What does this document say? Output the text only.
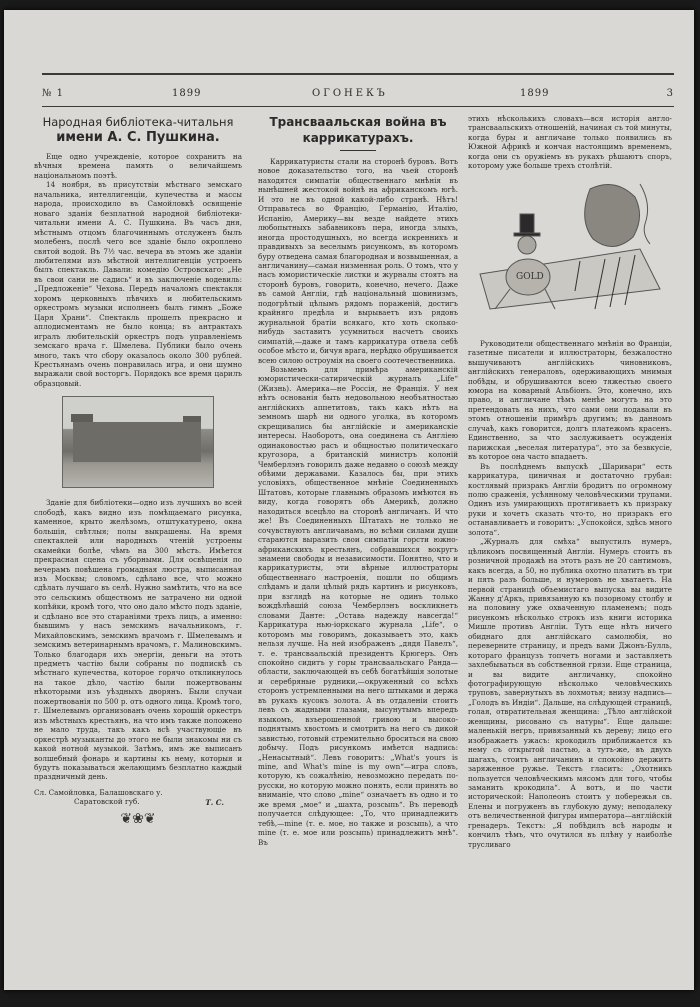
№ 1	1899	ОГОНЕКЪ	1899	3
Народная библіотека-читальня
имени А. С. Пушкина.

Еще одно учрежденіе, которое сохранитъ на вѣчныя времена память о величайшемъ національномъ поэтѣ.

14 ноября, въ присутствіи мѣстнаго земскаго начальника, интеллигенціи, купечества и массы народа, происходило въ Самойловкѣ освященіе новаго зданія безплатной народной библіотеки-читальни имени А. С. Пушкина. Въ часъ дня, мѣстнымъ отцомъ благочиннымъ отслуженъ былъ молебенъ, послѣ чего все зданіе было окроплено святой водой. Въ 7½ час. вечера въ этомъ же зданіи любителями изъ мѣстной интеллигенціи устроенъ былъ спектакль. Давали: комедію Островскаго: „Не въ свои сани не садись“ и въ заключеніе водевиль: „Предложеніе“ Чехова. Передъ началомъ спектакля хоромъ церковныхъ пѣвчихъ и любительскимъ оркестромъ музыки исполненъ былъ гимнъ „Боже Царя Храни“. Спектакль прошелъ прекрасно и аплодисментамъ не было конца; въ антрактахъ игралъ любительскій оркестръ подъ управленіемъ земскаго врача г. Шмелева. Публики было очень много, такъ что сбору оказалось около 300 рублей. Крестьянамъ очень понравилась игра, и они шумно выражали свой восторгъ. Порядокъ все время царилъ образцовый.

Зданіе для библіотеки—одно изъ лучшихъ во всей слободѣ, какъ видно изъ помѣщаемаго рисунка, каменное, крыто желѣзомъ, отштукатурено, окна большія, свѣтлыя; полы выкрашены. На время спектаклей или народныхъ чтеній устроены скамейки болѣе, чѣмъ на 300 мѣстъ. Имѣется прекрасная сцена съ уборными. Для освѣщенія по вечерамъ повѣшена громадная люстра, выписанная изъ Москвы; словомъ, сдѣлано все, что можно сдѣлать лучшаго въ селѣ. Нужно замѣтить, что на все это сельскимъ обществомъ не затрачено ни одной копѣйки, кромѣ того, что оно дало мѣсто подъ зданіе, и сдѣлано все это стараніями трехъ лицъ, а именно: бывшимъ у насъ земскимъ начальникомъ, г. Михайловскимъ, земскимъ врачомъ г. Шмелевымъ и земскимъ ветеринарнымъ врачомъ, г. Малиновскимъ. Только благодаря ихъ энергіи, деньги на этотъ предметъ частію были собраны по подпискѣ съ мѣстнаго купечества, которое горячо откликнулось на такое дѣло, частію были пожертвованы нѣкоторыми изъ уѣздныхъ дворянъ. Были случаи пожертвованія по 500 р. отъ одного лица. Кромѣ того, г. Шмелевымъ организованъ очень хорошій оркестръ изъ мѣстныхъ крестьянъ, на что имъ также положено не мало труда, такъ какъ всѣ участвующіе въ оркестрѣ музыканты до этого не были знакомы ни съ какой нотной музыкой. Затѣмъ, имъ же выписанъ волшебный фонарь и картины къ нему, которыя и будутъ показываться желающимъ безплатно каждый праздничный день.

Сл. Самойловка, Балашовскаго у.

Саратовской губ.	Т. С.
❦❀❦
Трансваальская война въ
каррикатурахъ.

Каррикатуристы стали на сторонѣ буровъ. Вотъ новое доказательство того, на чьей сторонѣ находятся симпатіи общественнаго мнѣнія въ нынѣшней жестокой войнѣ на африканскомъ югѣ. И это не въ одной какой-либо странѣ. Нѣтъ! Отправьтесь во Францію, Германію, Италію, Испанію, Америку—вы везде найдете этихъ любопытныхъ забавниковъ пера, иногда злыхъ, иногда простодушныхъ, но всегда искреннихъ и правдивыхъ за веселымъ рисункомъ, въ которомъ буру отведена самая благородная и возвышенная, а англичанину—самая низменная роль. О томъ, что у насъ юмористическіе листки и журналы стоятъ на сторонѣ буровъ, говорить, конечно, нечего. Даже въ самой Англіи, гдѣ національный шовинизмъ, подогрѣтый цѣлымъ рядомъ пораженій, достигъ крайняго предѣла и вырываетъ изъ рядовъ журнальной братіи всякаго, кто хоть сколько-нибудь заставитъ усумниться насчетъ своихъ симпатій,—даже и тамъ каррикатура отвела себѣ особое мѣсто и, бичуя врага, нерѣдко обрушивается всею силою остроумія на своего соотечественника.

Возьмемъ для примѣра американскій юмористически-сатирическій журналъ „Life“ (Жизнь). Америка—не Россія, не Франція. У нея нѣтъ основанія быть недовольною необъятностью англійскихъ аппетитовъ, такъ какъ нѣтъ на земномъ шарѣ ни одного уголка, въ которомъ скрещивались бы англійскіе и американскіе интересы. Наоборотъ, она соединена съ Англіею одинаковостью расъ и общностью политическаго кругозора, а британскій министръ колоній Чемберлэнъ говорилъ даже недавно о союзѣ между обѣими державами. Казалось бы, при этихъ условіяхъ, общественное мнѣніе Соединенныхъ Штатовъ, которые главнымъ образомъ имѣются въ виду, когда говорятъ объ Америкѣ, должно находиться всецѣло на сторонѣ англичанъ. И что же! Въ Соединенныхъ Штатахъ не только не сочувствуютъ англичанамъ, но всѣми силами души стараются выразить свои симпатіи горсти южно-африканскихъ крестьянъ, собравшихся вокругъ знамени свободы и независимости. Понятно, что и каррикатуристы, эти вѣрные иллюстраторы общественнаго настроенія, пошли по общимъ слѣдамъ и дали цѣлый рядъ картинъ и рисунковъ, при взглядѣ на которые не одинъ только вождѣлѣвшій союза Чемберлэнъ воскликнетъ словами Данте: „Оставь надежду навсегда!“ Каррикатура нью-іоркскаго журнала „Life“, о которомъ мы говоримъ, доказываетъ это, какъ нельзя лучше. На ней изображенъ „дядя Павелъ“, т. е. трансваальскій президентъ Крюгеръ. Онъ спокойно сидитъ у горы трансваальскаго Ранда—области, заключающей въ себѣ богатѣйшія золотые и серебряные рудники,—окруженный со всѣхъ сторонъ устремленными на него штыками и держа въ рукахъ кусокъ золота. А въ отдаленіи стоитъ левъ съ жадными глазами, высунутымъ впередъ языкомъ, взъерошенной гривою и высоко-поднятымъ хвостомъ и смотритъ на него съ дикой завистью, готовый стремительно броситься на свою добычу. Подъ рисункомъ имѣется надпись: „Ненасытный“. Левъ говоритъ: „What's yours is mine, and What's mine is my own“—игра словъ, которую, къ сожалѣнію, невозможно передать по-русски, но которую можно понять, если принять во вниманіе, что слово „mine“ означаетъ въ одно и то же время „мое“ и „шахта, розсыпь“. Въ переводѣ получается слѣдующее: „То, что принадлежитъ тебѣ,—mine (т. е. мое, но также и розсыпь), а что mine (т. е. мое или розсыпь) принадлежитъ мнѣ“. Въ

этихъ нѣсколькихъ словахъ—вся исторія англо-трансваальскихъ отношеній, начиная съ той минуты, когда буры и англичане только появились въ Южной Африкѣ и кончая настоящимъ временемъ, когда они съ оружіемъ въ рукахъ рѣшаютъ споръ, которому уже больше трехъ столѣтій.

GOLD

Руководители общественнаго мнѣнія во Франціи, газетные писатели и иллюстраторы, безжалостно вышучиваютъ англійскихъ чиновниковъ, англійскихъ генераловъ, одерживающихъ мнимыя побѣды, и обрушиваются всею тяжестью своего юмора на коварный Альбіонъ. Это, конечно, ихъ право, и англичане тѣмъ менѣе могутъ на это претендовать на нихъ, что сами они подавали въ этомъ отношеніи примѣръ другимъ; въ данномъ случаѣ, какъ говорится, долгъ платежомъ красенъ. Единственно, за что заслуживаетъ осужденія парижская „веселая литература“, это за безвкусіе, въ которое она часто впадаетъ.

Въ послѣднемъ выпускѣ „Шаривари“ есть каррикатура, циничная и достаточно грубая: костлявый призракъ Англіи бродитъ по огромному полю сраженія, усѣянному человѣческими трупами. Одинъ изъ умирающихъ протягиваетъ къ призраку руки и хочетъ сказать что-то, но призракъ его останавливаетъ и говоритъ: „Успокойся, здѣсь много золота“.

„Журналъ для смѣха“ выпустилъ нумеръ, цѣликомъ посвященный Англіи. Нумеръ стоитъ въ розничной продажѣ на этотъ разъ не 20 сантимовъ, какъ всегда, а 50, но публика охотно платитъ въ три и пять разъ больше, и нумеровъ не хватаетъ. На первой страницѣ объемистаго выпуска вы видите Жанну д'Аркъ, привязанную къ позорному столбу и на половину уже охваченную пламенемъ; подъ рисункомъ нѣсколько строкъ изъ книги историка Мишле противъ Англіи. Тутъ еще нѣтъ ничего обиднаго для англійскаго самолюбія, но переверните страницу, и предъ вами Джонъ-Булль, котораго французъ топчетъ ногами и заставляетъ захлебываться въ собственной грязи. Еще страница, и вы видите англичанку, спокойно фотографирующую нѣсколько человѣческихъ труповъ, завернутыхъ въ лохмотья; внизу надпись—„Голодъ въ Индіи“. Дальше, на слѣдующей страницѣ, голая, отвратительная женщина: „Тѣло англійской женщины, рисовано съ натуры“. Еще дальше: маленькій негръ, привязанный къ дереву; лицо его изображаетъ ужасъ: крокодилъ приближается къ нему съ открытой пастью, а тутъ-же, въ двухъ шагахъ, стоитъ англичанинъ и спокойно держитъ заряженное ружье. Текстъ гласитъ: „Охотникъ пользуется человѣческимъ мясомъ для того, чтобы заманить крокодила“. А вотъ, и по части исторической: Наполеонъ стоитъ у побережья св. Елены и погруженъ въ глубокую думу; неподалеку отъ величественной фигуры императора—англійскій гренадеръ. Текстъ: „Я побѣдилъ всѣ народы и кончилъ тѣмъ, что очутился въ плѣну у наиболѣе трусливаго
